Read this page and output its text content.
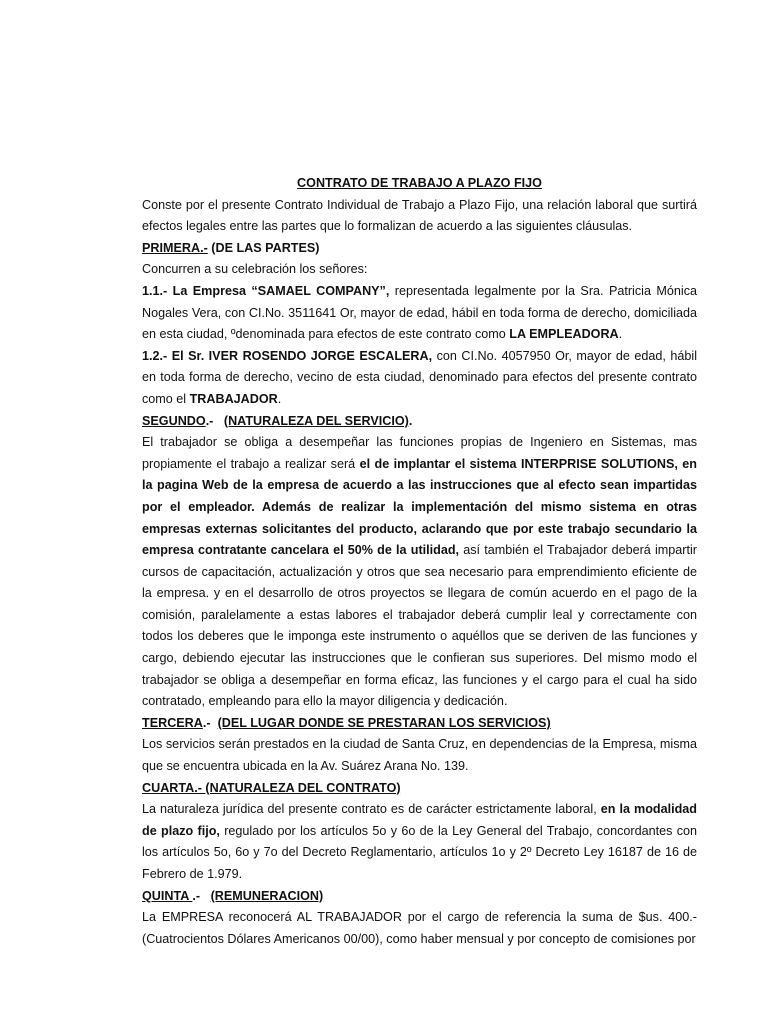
CONTRATO DE TRABAJO A PLAZO FIJO

Conste por el presente Contrato Individual de Trabajo a Plazo Fijo, una relación laboral que surtirá efectos legales entre las partes que lo formalizan de acuerdo a las siguientes cláusulas.

PRIMERA.- (DE LAS PARTES)

Concurren a su celebración los señores:

1.1.- La Empresa “SAMAEL COMPANY”, representada legalmente por la Sra. Patricia Mónica Nogales Vera, con CI.No. 3511641 Or, mayor de edad, hábil en toda forma de derecho, domiciliada en esta ciudad, ºdenominada para efectos de este contrato como LA EMPLEADORA.

1.2.- El Sr. IVER ROSENDO JORGE ESCALERA, con CI.No. 4057950 Or, mayor de edad, hábil en toda forma de derecho, vecino de esta ciudad, denominado para efectos del presente contrato como el TRABAJADOR.

SEGUNDO.-   (NATURALEZA DEL SERVICIO).

El trabajador se obliga a desempeñar las funciones propias de Ingeniero en Sistemas, mas propiamente el trabajo a realizar será el de implantar el sistema INTERPRISE SOLUTIONS, en la pagina Web de la empresa de acuerdo a las instrucciones que al efecto sean impartidas por el empleador. Además de realizar la implementación del mismo sistema en otras empresas externas solicitantes del producto, aclarando que por este trabajo secundario la empresa contratante cancelara el 50% de la utilidad, así también el Trabajador deberá impartir cursos de capacitación, actualización y otros que sea necesario para emprendimiento eficiente de la empresa. y en el desarrollo de otros proyectos se llegara de común acuerdo en el pago de la comisión, paralelamente a estas labores el trabajador deberá cumplir leal y correctamente con todos los deberes que le imponga este instrumento o aquéllos que se deriven de las funciones y cargo, debiendo ejecutar las instrucciones que le confieran sus superiores. Del mismo modo el trabajador se obliga a desempeñar en forma eficaz, las funciones y el cargo para el cual ha sido contratado, empleando para ello la mayor diligencia y dedicación.

TERCERA.-  (DEL LUGAR DONDE SE PRESTARAN LOS SERVICIOS)

Los servicios serán prestados en la ciudad de Santa Cruz, en dependencias de la Empresa, misma que se encuentra ubicada en la Av. Suárez Arana No. 139.

CUARTA.- (NATURALEZA DEL CONTRATO)

La naturaleza jurídica del presente contrato es de carácter estrictamente laboral, en la modalidad de plazo fijo, regulado por los artículos 5o y 6o de la Ley General del Trabajo, concordantes con los artículos 5o, 6o y 7o del Decreto Reglamentario, artículos 1o y 2º Decreto Ley 16187 de 16 de Febrero de 1.979.

QUINTA .-   (REMUNERACION)

La EMPRESA reconocerá AL TRABAJADOR por el cargo de referencia la suma de $us. 400.- (Cuatrocientos Dólares Americanos 00/00), como haber mensual y por concepto de comisiones por
